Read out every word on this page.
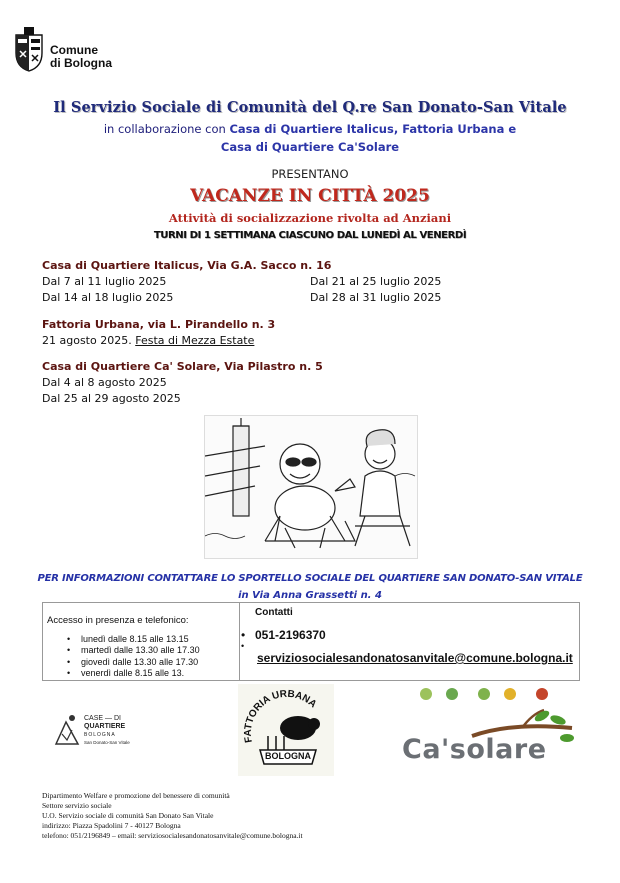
Comune
di Bologna
Il Servizio Sociale di Comunità del Q.re San Donato-San Vitale
in collaborazione con Casa di Quartiere Italicus, Fattoria Urbana e
Casa di Quartiere Ca'Solare
PRESENTANO
VACANZE IN CITTÀ 2025
Attività di socializzazione rivolta ad Anziani
TURNI DI 1 SETTIMANA CIASCUNO DAL LUNEDÌ AL VENERDÌ
Casa di Quartiere Italicus, Via G.A. Sacco n. 16
Dal 7 al 11 luglio 2025
Dal 14 al 18 luglio 2025
Dal 21 al 25 luglio 2025
Dal 28 al 31 luglio 2025
Fattoria Urbana, via L. Pirandello n. 3
21 agosto 2025. Festa di Mezza Estate
Casa di Quartiere Ca' Solare, Via Pilastro n. 5
Dal 4 al 8 agosto 2025
Dal 25 al 29 agosto 2025
PER INFORMAZIONI CONTATTARE LO SPORTELLO SOCIALE DEL QUARTIERE SAN DONATO-SAN VITALE
in Via Anna Grassetti n. 4
Accesso in presenza e telefonico:
• lunedì dalle 8.15 alle 13.15
• martedì dalle 13.30 alle 17.30
• giovedì dalle 13.30 alle 17.30
• venerdì dalle 8.15 alle 13.
Contatti
• 051-2196370
•
serviziosocialesandonatosanvitale@comune.bologna.it
CASE — DI
QUARTIERE
BOLOGNA
San Donato-San Vitale	FATTORIA URBANA
BOLOGNA	Ca'solare
Dipartimento Welfare e promozione del benessere di comunità
Settore servizio sociale
U.O. Servizio sociale di comunità San Donato San Vitale
indirizzo: Piazza Spadolini 7 - 40127 Bologna
telefono: 051/2196849 – email: serviziosocialesandonatosanvitale@comune.bologna.it
